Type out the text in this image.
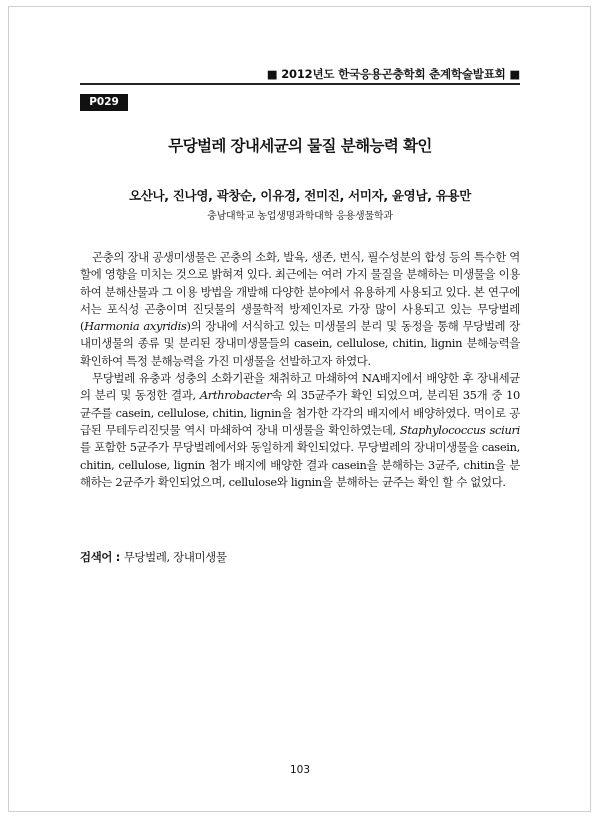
■ 2012년도 한국응용곤충학회 춘계학술발표회 ■
P029
무당벌레 장내세균의 물질 분해능력 확인
오산나, 진나영, 곽창순, 이유경, 전미진, 서미자, 윤영남, 유용만
충남대학교 농업생명과학대학 응용생물학과

곤충의 장내 공생미생물은 곤충의 소화, 발육, 생존, 번식, 필수성분의 합성 등의 특수한 역할에 영향을 미치는 것으로 밝혀져 있다. 최근에는 여러 가지 물질을 분해하는 미생물을 이용하여 분해산물과 그 이용 방법을 개발해 다양한 분야에서 유용하게 사용되고 있다. 본 연구에서는 포식성 곤충이며 진딧물의 생물학적 방제인자로 가장 많이 사용되고 있는 무당벌레(Harmonia axyridis)의 장내에 서식하고 있는 미생물의 분리 및 동정을 통해 무당벌레 장내미생물의 종류 및 분리된 장내미생물들의 casein, cellulose, chitin, lignin 분해능력을 확인하여 특정 분해능력을 가진 미생물을 선발하고자 하였다.

무당벌레 유충과 성충의 소화기관을 채취하고 마쇄하여 NA배지에서 배양한 후 장내세균의 분리 및 동정한 결과, Arthrobacter속 외 35균주가 확인 되었으며, 분리된 35개 중 10균주를 casein, cellulose, chitin, lignin을 첨가한 각각의 배지에서 배양하였다. 먹이로 공급된 무테두리진딧물 역시 마쇄하여 장내 미생물을 확인하였는데, Staphylococcus sciuri 를 포함한 5균주가 무당벌레에서와 동일하게 확인되었다. 무당벌레의 장내미생물을 casein, chitin, cellulose, lignin 첨가 배지에 배양한 결과 casein을 분해하는 3균주, chitin을 분해하는 2균주가 확인되었으며, cellulose와 lignin을 분해하는 균주는 확인 할 수 없었다.

검색어 : 무당벌레, 장내미생물
103
